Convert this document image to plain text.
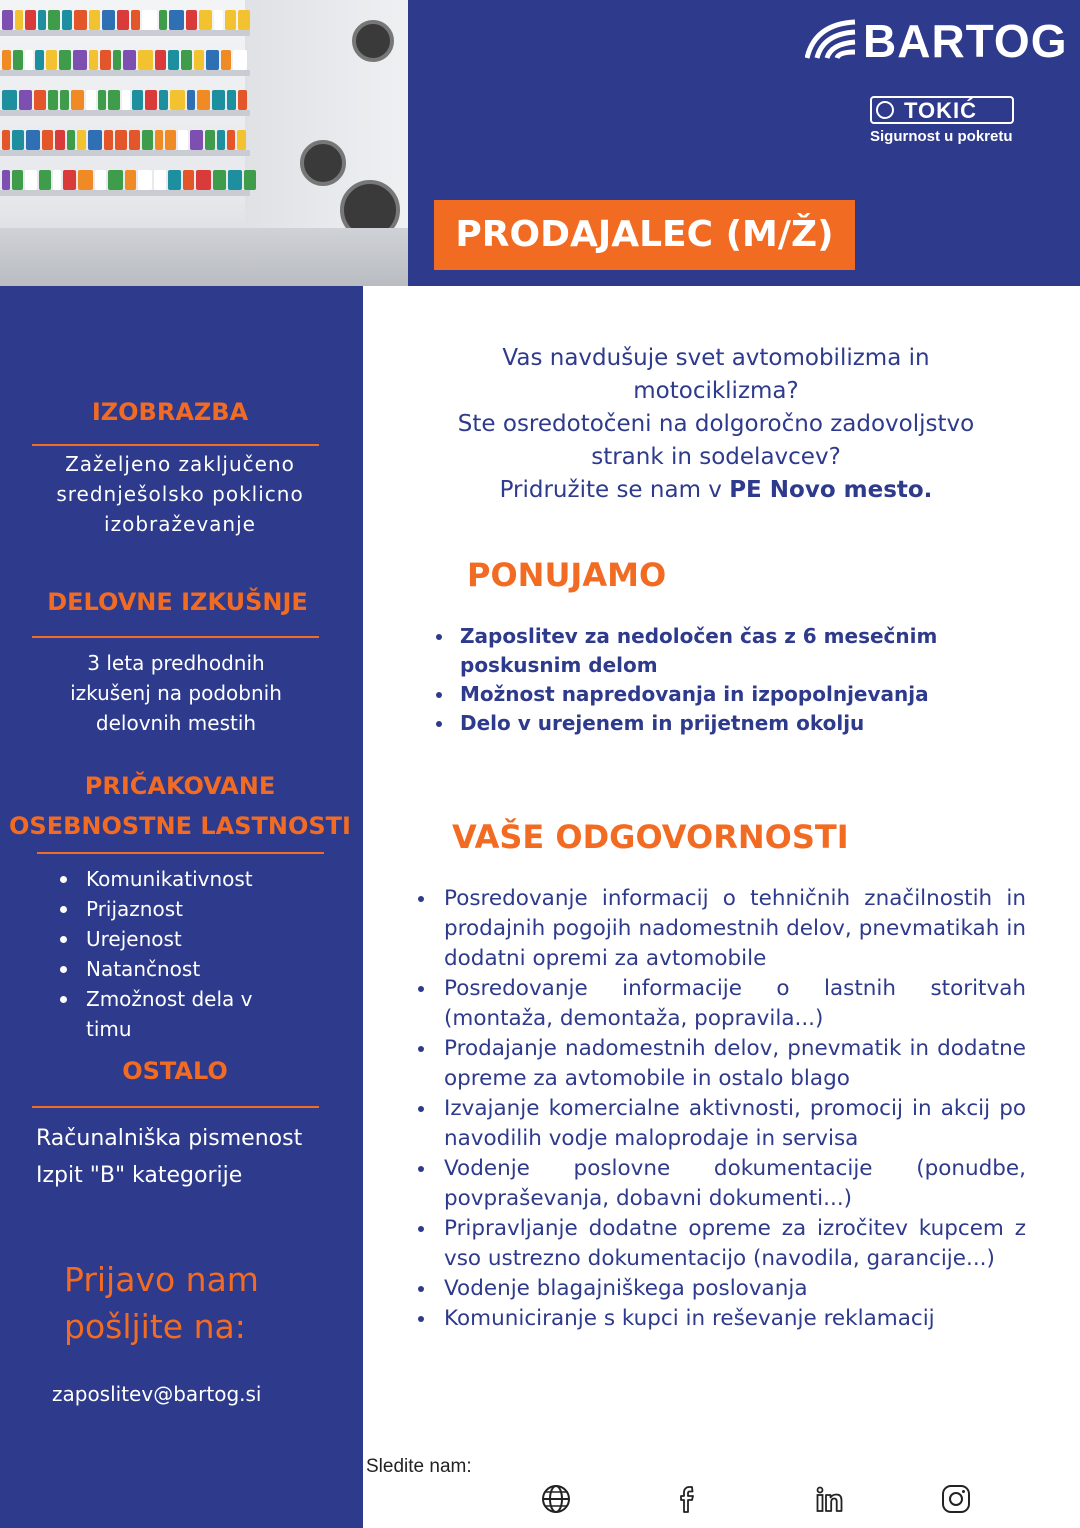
BARTOG
TOKIĆ
Sigurnost u pokretu
PRODAJALEC (M/Ž)
IZOBRAZBA
Zaželjeno zaključeno
srednješolsko poklicno
izobraževanje
DELOVNE IZKUŠNJE
3 leta predhodnih
izkušenj na podobnih
delovnih mestih
PRIČAKOVANE
OSEBNOSTNE LASTNOSTI
Komunikativnost
Prijaznost
Urejenost
Natančnost
Zmožnost dela v timu
OSTALO
Računalniška pismenost
Izpit "B" kategorije
Prijavo nam
pošljite na:
zaposlitev@bartog.si
Vas navdušuje svet avtomobilizma in
motociklizma?
Ste osredotočeni na dolgoročno zadovoljstvo
strank in sodelavcev?
Pridružite se nam v PE Novo mesto.
PONUJAMO
Zaposlitev za nedoločen čas z 6 mesečnim poskusnim delom
Možnost napredovanja in izpopolnjevanja
Delo v urejenem in prijetnem okolju
VAŠE ODGOVORNOSTI
Posredovanje informacij o tehničnih značilnostih in prodajnih pogojih nadomestnih delov, pnevmatikah in dodatni opremi za avtomobile
Posredovanje informacije o lastnih storitvah (montaža, demontaža, popravila...)
Prodajanje nadomestnih delov, pnevmatik in dodatne opreme za avtomobile in ostalo blago
Izvajanje komercialne aktivnosti, promocij in akcij po navodilih vodje maloprodaje in servisa
Vodenje poslovne dokumentacije (ponudbe, povpraševanja, dobavni dokumenti...)
Pripravljanje dodatne opreme za izročitev kupcem z vso ustrezno dokumentacijo (navodila, garancije...)
Vodenje blagajniškega poslovanja
Komuniciranje s kupci in reševanje reklamacij
Sledite nam:
